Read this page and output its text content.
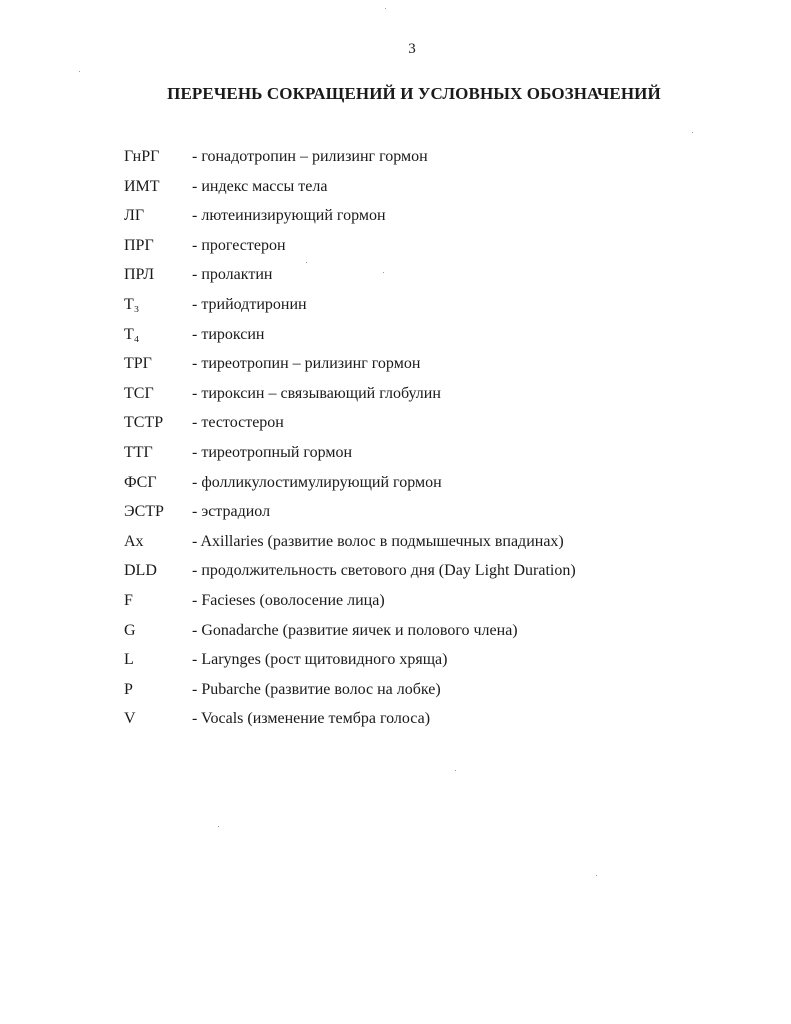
3
ПЕРЕЧЕНЬ СОКРАЩЕНИЙ И УСЛОВНЫХ ОБОЗНАЧЕНИЙ
ГнРГ	- гонадотропин – рилизинг гормон
ИМТ	- индекс массы тела
ЛГ	- лютеинизирующий гормон
ПРГ	- прогестерон
ПРЛ	- пролактин
T₃	- трийодтиронин
T₄	- тироксин
ТРГ	- тиреотропин – рилизинг гормон
ТСГ	- тироксин – связывающий глобулин
ТСТР	- тестостерон
ТТГ	- тиреотропный гормон
ФСГ	- фолликулостимулирующий гормон
ЭСТР	- эстрадиол
Ax	- Axillaries (развитие волос в подмышечных впадинах)
DLD	- продолжительность светового дня (Day Light Duration)
F	- Facieses (оволосение лица)
G	- Gonadarche (развитие яичек и полового члена)
L	- Larynges (рост щитовидного хряща)
P	- Pubarche (развитие волос на лобке)
V	- Vocals (изменение тембра голоса)
